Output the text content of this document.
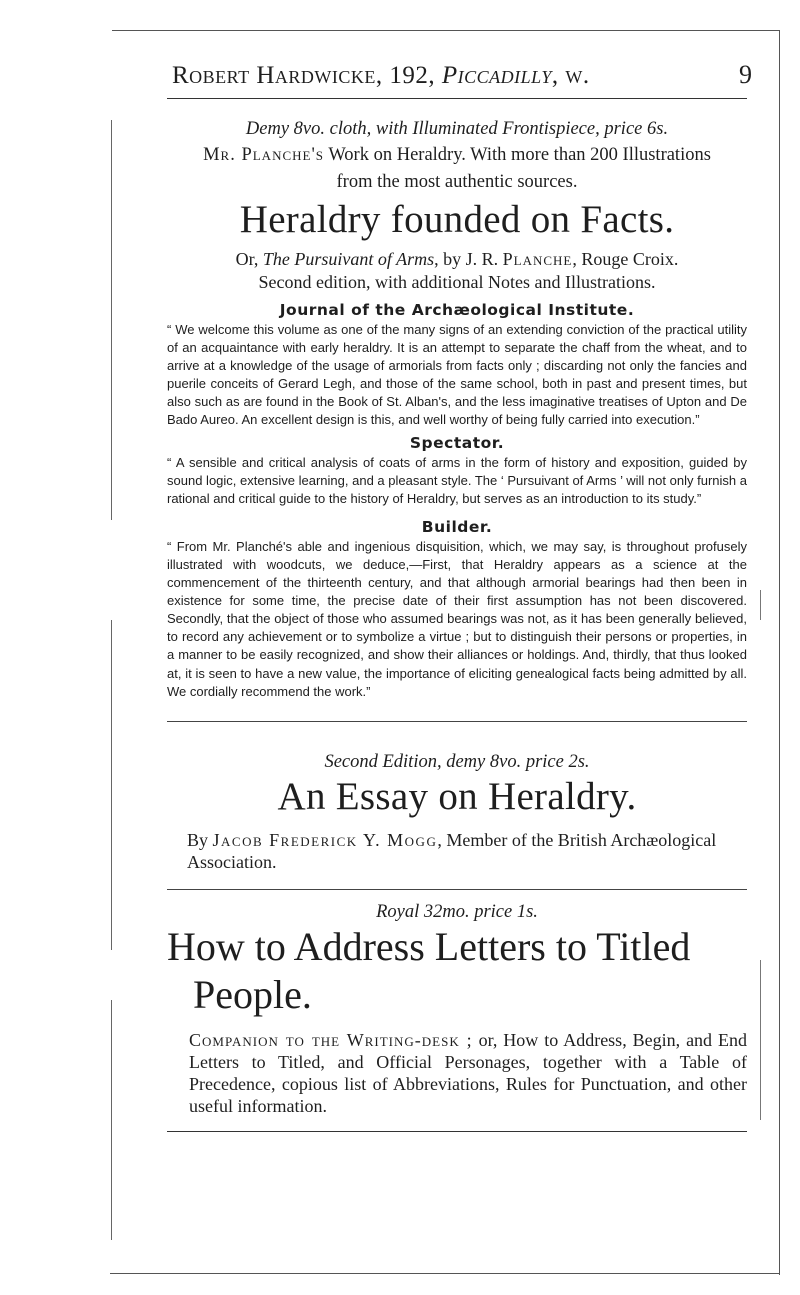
Robert Hardwicke, 192, Piccadilly, w.	9
Demy 8vo. cloth, with Illuminated Frontispiece, price 6s.
Mr. Planche's Work on Heraldry. With more than 200 Illustrations
from the most authentic sources.
Heraldry founded on Facts.
Or, The Pursuivant of Arms, by J. R. Planche, Rouge Croix.
Second edition, with additional Notes and Illustrations.
Journal of the Archæological Institute.

“ We welcome this volume as one of the many signs of an extending conviction of the practical utility of an acquaintance with early heraldry. It is an attempt to separate the chaff from the wheat, and to arrive at a knowledge of the usage of armorials from facts only ; discarding not only the fancies and puerile conceits of Gerard Legh, and those of the same school, both in past and present times, but also such as are found in the Book of St. Alban's, and the less imaginative treatises of Upton and De Bado Aureo. An excellent design is this, and well worthy of being fully carried into execution.”

Spectator.

“ A sensible and critical analysis of coats of arms in the form of history and exposition, guided by sound logic, extensive learning, and a pleasant style. The ‘ Pursuivant of Arms ’ will not only furnish a rational and critical guide to the history of Heraldry, but serves as an introduction to its study.”

Builder.

“ From Mr. Planché's able and ingenious disquisition, which, we may say, is throughout profusely illustrated with woodcuts, we deduce,—First, that Heraldry appears as a science at the commencement of the thirteenth century, and that although armorial bearings had then been in existence for some time, the precise date of their first assumption has not been discovered. Secondly, that the object of those who assumed bearings was not, as it has been generally believed, to record any achievement or to symbolize a virtue ; but to distinguish their persons or properties, in a manner to be easily recognized, and show their alliances or holdings. And, thirdly, that thus looked at, it is seen to have a new value, the importance of eliciting genealogical facts being admitted by all. We cordially recommend the work.”

Second Edition, demy 8vo. price 2s.
An Essay on Heraldry.
By Jacob Frederick Y. Mogg, Member of the British Archæological Association.
Royal 32mo. price 1s.
How to Address Letters to Titled
People.

Companion to the Writing-desk ; or, How to Address, Begin, and End Letters to Titled, and Official Personages, together with a Table of Precedence, copious list of Abbreviations, Rules for Punctuation, and other useful information.
